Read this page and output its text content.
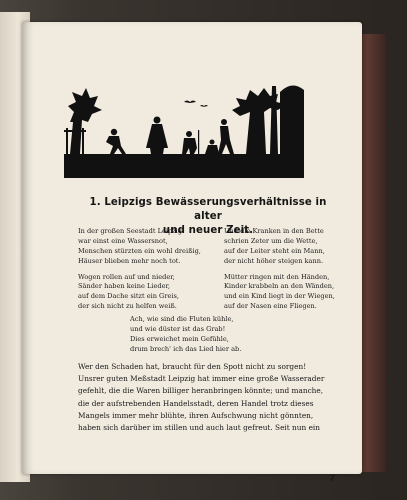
1. Leipzigs Bewässerungsverhältnisse in alter
und neuer Zeit.
In der großen Seestadt Leipzig
war einst eine Wassersnot,
Menschen stürzten ein wohl dreißig,
Häuser blieben mehr noch tot.
Wogen rollen auf und nieder,
Sänder haben keine Lieder,
auf dem Dache sitzt ein Greis,
der sich nicht zu helfen weiß.
Und die Kranken in den Bette
schrien Zeter um die Wette,
auf der Leiter steht ein Mann,
der nicht höher steigen kann.
Mütter ringen mit den Händen,
Kinder krabbeln an den Wänden,
und ein Kind liegt in der Wiegen,
auf der Nasen eine Fliegen.
Ach, wie sind die Fluten kühle,
und wie düster ist das Grab!
Dies erweichet mein Gefühle,
drum brech' ich das Lied hier ab.
Wer den Schaden hat, braucht für den Spott nicht zu sorgen!
Unsrer guten Meßstadt Leipzig hat immer eine große Wasserader
gefehlt, die die Waren billiger heranbringen könnte; und manche,
die der aufstrebenden Handelsstadt, deren Handel trotz dieses
Mangels immer mehr blühte, ihren Aufschwung nicht gönnten,
haben sich darüber im stillen und auch laut gefreut. Seit nun ein
7
